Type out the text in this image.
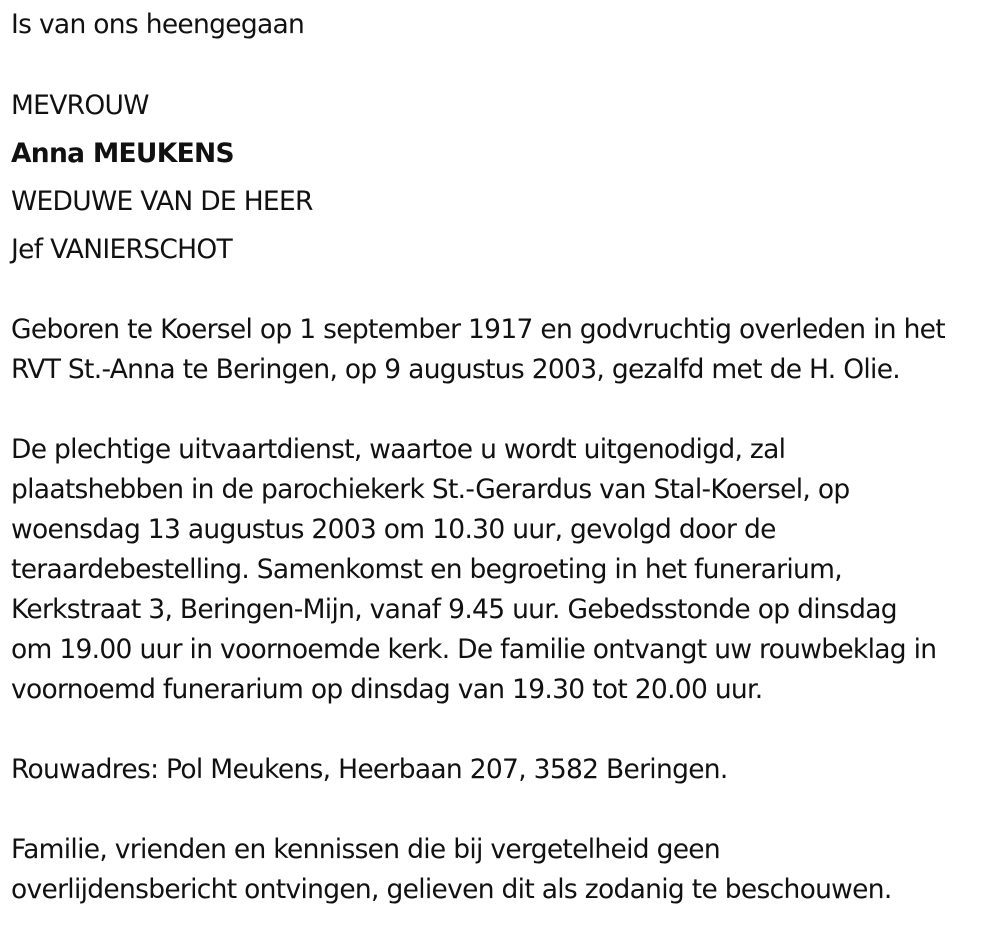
Is van ons heengegaan
MEVROUW
Anna MEUKENS
WEDUWE VAN DE HEER
Jef VANIERSCHOT
Geboren te Koersel op 1 september 1917 en godvruchtig overleden in het
RVT St.-Anna te Beringen, op 9 augustus 2003, gezalfd met de H. Olie.
De plechtige uitvaartdienst, waartoe u wordt uitgenodigd, zal
plaatshebben in de parochiekerk St.-Gerardus van Stal-Koersel, op
woensdag 13 augustus 2003 om 10.30 uur, gevolgd door de
teraardebestelling. Samenkomst en begroeting in het funerarium,
Kerkstraat 3, Beringen-Mijn, vanaf 9.45 uur. Gebedsstonde op dinsdag
om 19.00 uur in voornoemde kerk. De familie ontvangt uw rouwbeklag in
voornoemd funerarium op dinsdag van 19.30 tot 20.00 uur.
Rouwadres: Pol Meukens, Heerbaan 207, 3582 Beringen.
Familie, vrienden en kennissen die bij vergetelheid geen
overlijdensbericht ontvingen, gelieven dit als zodanig te beschouwen.
